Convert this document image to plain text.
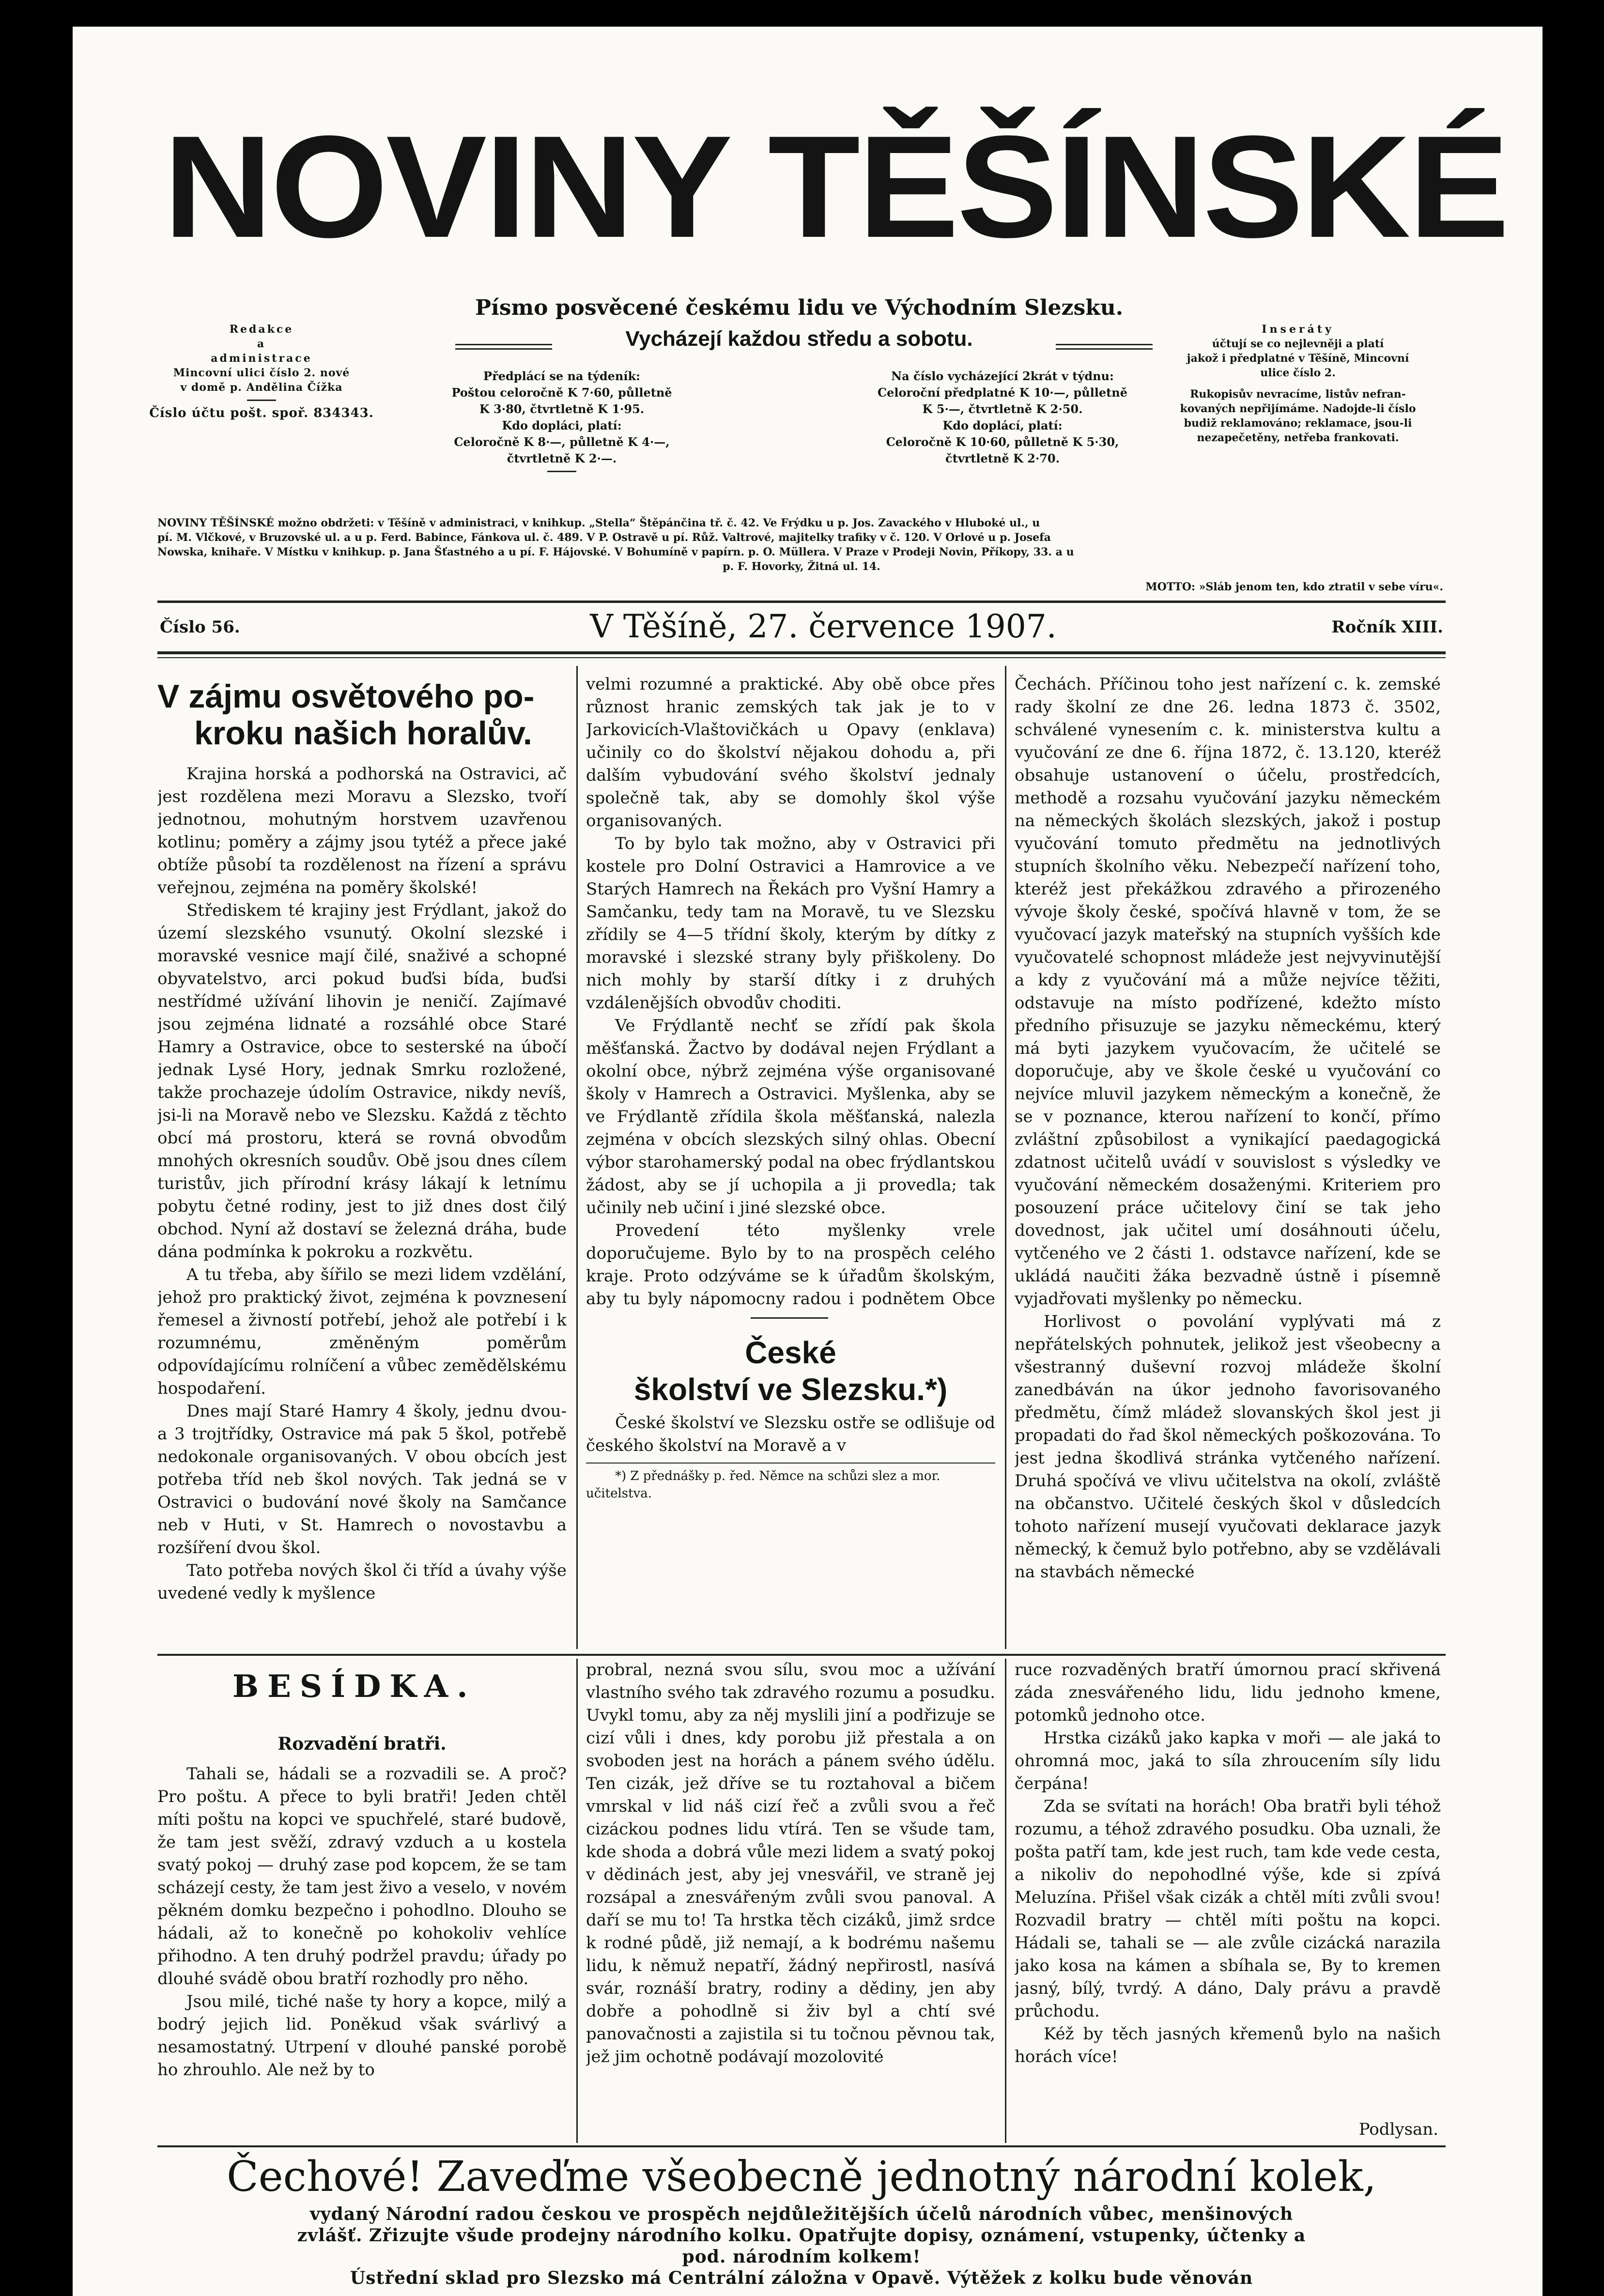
NOVINY TĚŠÍNSKÉ
Písmo posvěcené českému lidu ve Východním Slezsku.
Vycházejí každou středu a sobotu.
Redakce
a
administrace
Mincovní ulici číslo 2. nové
v domě p. Andělina Čížka
Číslo účtu pošt. spoř. 834343.
Předplácí se na týdeník:
Poštou celoročně K 7·60, půlletně
K 3·80, čtvrtletně K 1·95.
Kdo dopláci, platí:
Celoročně K 8·—, půlletně K 4·—,
čtvrtletně K 2·—.
Na číslo vycházející 2krát v týdnu:
Celoroční předplatné K 10·—, půlletně
K 5·—, čtvrtletně K 2·50.
Kdo doplácí, platí:
Celoročně K 10·60, půlletně K 5·30,
čtvrtletně K 2·70.
Inseráty
účtují se co nejlevněji a platí
jakož i předplatné v Těšíně, Mincovní
ulice číslo 2.
Rukopisův nevracíme, listův nefran-
kovaných nepřijímáme. Nadojde-li číslo
budiž reklamováno; reklamace, jsou-li
nezapečetěny, netřeba frankovati.
NOVINY TĚŠÍNSKÉ možno obdržeti: v Těšíně v administraci, v knihkup. „Stella“ Štěpánčina tř. č. 42. Ve Frýdku u p. Jos. Zavackého v Hluboké ul., u
pí. M. Vlčkové, v Bruzovské ul. a u p. Ferd. Babince, Fánkova ul. č. 489. V P. Ostravě u pí. Růž. Valtrové, majitelky trafiky v č. 120. V Orlové u p. Josefa
Nowska, knihaře. V Místku v knihkup. p. Jana Šťastného a u pí. F. Hájovské. V Bohumíně v papírn. p. O. Müllera. V Praze v Prodeji Novin, Příkopy, 33. a u
p. F. Hovorky, Žitná ul. 14.
MOTTO: »Sláb jenom ten, kdo ztratil v sebe víru«.
Číslo 56.	V Těšíně, 27. července 1907.	Ročník XIII.
V zájmu osvětového po-
kroku našich horalův.

Krajina horská a podhorská na Ostravici, ač jest rozdělena mezi Moravu a Slezsko, tvoří jednotnou, mohutným horstvem uzavřenou kotlinu; poměry a zájmy jsou tytéž a přece jaké obtíže působí ta rozdělenost na řízení a správu veřejnou, zejména na poměry školské!

Střediskem té krajiny jest Frýdlant, jakož do území slezského vsunutý. Okolní slezské i moravské vesnice mají čilé, snaživé a schopné obyvatelstvo, arci pokud buďsi bída, buďsi nestřídmé užívání lihovin je neničí. Zajímavé jsou zejména lidnaté a rozsáhlé obce Staré Hamry a Ostravice, obce to sesterské na úbočí jednak Lysé Hory, jednak Smrku rozložené, takže prochazeje údolím Ostravice, nikdy nevíš, jsi-li na Moravě nebo ve Slezsku. Každá z těchto obcí má prostoru, která se rovná obvodům mnohých okresních soudův. Obě jsou dnes cílem turistův, jich přírodní krásy lákají k letnímu pobytu četné rodiny, jest to již dnes dost čilý obchod. Nyní až dostaví se železná dráha, bude dána podmínka k pokroku a rozkvětu.

A tu třeba, aby šířilo se mezi lidem vzdělání, jehož pro praktický život, zejména k povznesení řemesel a živností potřebí, jehož ale potřebí i k rozumnému, změněným poměrům odpovídajícímu rolníčení a vůbec zemědělskému hospodaření.

Dnes mají Staré Hamry 4 školy, jednu dvou- a 3 trojtřídky, Ostravice má pak 5 škol, potřebě nedokonale organisovaných. V obou obcích jest potřeba tříd neb škol nových. Tak jedná se v Ostravici o budování nové školy na Samčance neb v Huti, v St. Hamrech o novostavbu a rozšíření dvou škol.

Tato potřeba nových škol či tříd a úvahy výše uvedené vedly k myšlence

velmi rozumné a praktické. Aby obě obce přes různost hranic zemských tak jak je to v Jarkovicích-Vlaštovičkách u Opavy (enklava) učinily co do školství nějakou dohodu a, při dalším vybudování svého školství jednaly společně tak, aby se domohly škol výše organisovaných.

To by bylo tak možno, aby v Ostravici při kostele pro Dolní Ostravici a Hamrovice a ve Starých Hamrech na Řekách pro Vyšní Hamry a Samčanku, tedy tam na Moravě, tu ve Slezsku zřídily se 4—5 třídní školy, kterým by dítky z moravské i slezské strany byly přiškoleny. Do nich mohly by starší dítky i z druhých vzdálenějších obvodův choditi.

Ve Frýdlantě nechť se zřídí pak škola měšťanská. Žactvo by dodával nejen Frýdlant a okolní obce, nýbrž zejména výše organisované školy v Hamrech a Ostravici. Myšlenka, aby se ve Frýdlantě zřídila škola měšťanská, nalezla zejména v obcích slezských silný ohlas. Obecní výbor starohamerský podal na obec frýdlantskou žádost, aby se jí uchopila a ji provedla; tak učinily neb učiní i jiné slezské obce.

Provedení této myšlenky vrele doporučujeme. Bylo by to na prospěch celého kraje. Proto odzýváme se k úřadům školským, aby tu byly nápomocny radou i podnětem Obce

České
školství ve Slezsku.*)

České školství ve Slezsku ostře se odlišuje od českého školství na Moravě a v

*) Z přednášky p. řed. Němce na schůzi slez a mor. učitelstva.

Čechách. Příčinou toho jest nařízení c. k. zemské rady školní ze dne 26. ledna 1873 č. 3502, schválené vynesením c. k. ministerstva kultu a vyučování ze dne 6. října 1872, č. 13.120, kteréž obsahuje ustanovení o účelu, prostředcích, methodě a rozsahu vyučování jazyku německém na německých školách slezských, jakož i postup vyučování tomuto předmětu na jednotlivých stupních školního věku. Nebezpečí nařízení toho, kteréž jest překážkou zdravého a přirozeného vývoje školy české, spočívá hlavně v tom, že se vyučovací jazyk mateřský na stupních vyšších kde vyučovatelé schopnost mládeže jest nejvyvinutější a kdy z vyučování má a může nejvíce těžiti, odstavuje na místo podřízené, kdežto místo předního přisuzuje se jazyku německému, který má byti jazykem vyučovacím, že učitelé se doporučuje, aby ve škole české u vyučování co nejvíce mluvil jazykem německým a konečně, že se v poznance, kterou nařízení to končí, přímo zvláštní způsobilost a vynikající paedagogická zdatnost učitelů uvádí v souvislost s výsledky ve vyučování německém dosaženými. Kriteriem pro posouzení práce učitelovy činí se tak jeho dovednost, jak učitel umí dosáhnouti účelu, vytčeného ve 2 části 1. odstavce nařízení, kde se ukládá naučiti žáka bezvadně ústně i písemně vyjadřovati myšlenky po německu.

Horlivost o povolání vyplývati má z nepřátelských pohnutek, jelikož jest všeobecny a všestranný duševní rozvoj mládeže školní zanedbáván na úkor jednoho favorisovaného předmětu, čímž mládež slovanských škol jest ji propadati do řad škol německých poškozována. To jest jedna škodlivá stránka vytčeného nařízení. Druhá spočívá ve vlivu učitelstva na okolí, zvláště na občanstvo. Učitelé českých škol v důsledcích tohoto nařízení musejí vyučovati deklarace jazyk německý, k čemuž bylo potřebno, aby se vzdělávali na stavbách německé

BESÍDKA.
Rozvadění bratři.

Tahali se, hádali se a rozvadili se. A proč? Pro poštu. A přece to byli bratři! Jeden chtěl míti poštu na kopci ve spuchřelé, staré budově, že tam jest svěží, zdravý vzduch a u kostela svatý pokoj — druhý zase pod kopcem, že se tam scházejí cesty, že tam jest živo a veselo, v novém pěkném domku bezpečno i pohodlno. Dlouho se hádali, až to konečně po kohokoliv vehlíce přihodno. A ten druhý podržel pravdu; úřady po dlouhé svádě obou bratří rozhodly pro něho.

Jsou milé, tiché naše ty hory a kopce, milý a bodrý jejich lid. Poněkud však svárlivý a nesamostatný. Utrpení v dlouhé panské porobě ho zhrouhlo. Ale než by to

probral, nezná svou sílu, svou moc a užívání vlastního svého tak zdravého rozumu a posudku. Uvykl tomu, aby za něj myslili jiní a podřizuje se cizí vůli i dnes, kdy porobu již přestala a on svoboden jest na horách a pánem svého údělu. Ten cizák, jež dříve se tu roztahoval a bičem vmrskal v lid náš cizí řeč a zvůli svou a řeč cizáckou podnes lidu vtírá. Ten se všude tam, kde shoda a dobrá vůle mezi lidem a svatý pokoj v dědinách jest, aby jej vnesvářil, ve straně jej rozsápal a znesvářeným zvůli svou panoval. A daří se mu to! Ta hrstka těch cizáků, jimž srdce k rodné půdě, již nemají, a k bodrému našemu lidu, k němuž nepatří, žádný nepřirostl, nasívá svár, roznáší bratry, rodiny a dědiny, jen aby dobře a pohodlně si živ byl a chtí své panovačnosti a zajistila si tu točnou pěvnou tak, jež jim ochotně podávají mozolovité

ruce rozvaděných bratří úmornou prací skřivená záda znesvářeného lidu, lidu jednoho kmene, potomků jednoho otce.

Hrstka cizáků jako kapka v moři — ale jaká to ohromná moc, jaká to síla zhroucením síly lidu čerpána!

Zda se svítati na horách! Oba bratři byli téhož rozumu, a téhož zdravého posudku. Oba uznali, že pošta patří tam, kde jest ruch, tam kde vede cesta, a nikoliv do nepohodlné výše, kde si zpívá Meluzína. Přišel však cizák a chtěl míti zvůli svou! Rozvadil bratry — chtěl míti poštu na kopci. Hádali se, tahali se — ale zvůle cizácká narazila jako kosa na kámen a sbíhala se, By to kremen jasný, bílý, tvrdý. A dáno, Daly právu a pravdě průchodu.

Kéž by těch jasných křemenů bylo na našich horách více!

Podlysan.
Čechové! Zaveďme všeobecně jednotný národní kolek,
vydaný Národní radou českou ve prospěch nejdůležitějších účelů národních vůbec, menšinových
zvlášť. Zřizujte všude prodejny národního kolku. Opatřujte dopisy, oznámení, vstupenky, účtenky a
pod. národním kolkem!
Ústřední sklad pro Slezsko má Centrální záložna v Opavě. Výtěžek z kolku bude věnován
